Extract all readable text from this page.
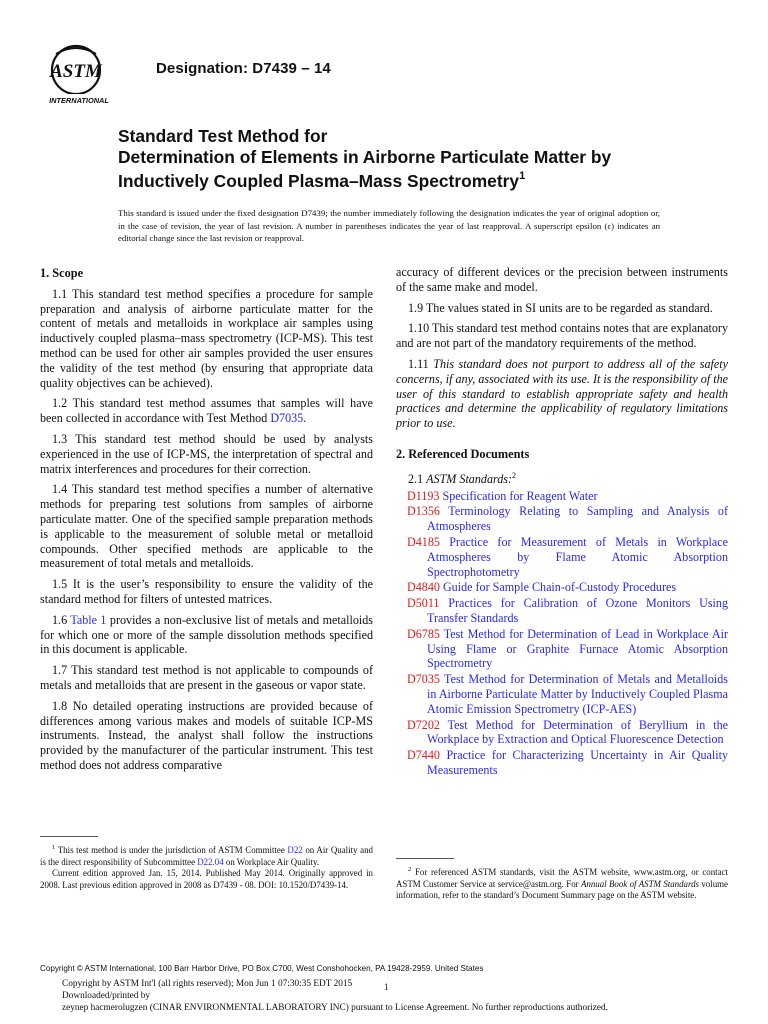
ASTM
INTERNATIONAL
Designation: D7439 – 14
Standard Test Method for
Determination of Elements in Airborne Particulate Matter by
Inductively Coupled Plasma–Mass Spectrometry$^1$
This standard is issued under the fixed designation D7439; the number immediately following the designation indicates the year of original adoption or, in the case of revision, the year of last revision. A number in parentheses indicates the year of last reapproval. A superscript epsilon (ε) indicates an editorial change since the last revision or reapproval.
1. Scope

1.1 This standard test method specifies a procedure for sample preparation and analysis of airborne particulate matter for the content of metals and metalloids in workplace air samples using inductively coupled plasma–mass spectrometry (ICP-MS). This test method can be used for other air samples provided the user ensures the validity of the test method (by ensuring that appropriate data quality objectives can be achieved).

1.2 This standard test method assumes that samples will have been collected in accordance with Test Method D7035.

1.3 This standard test method should be used by analysts experienced in the use of ICP-MS, the interpretation of spectral and matrix interferences and procedures for their correction.

1.4 This standard test method specifies a number of alternative methods for preparing test solutions from samples of airborne particulate matter. One of the specified sample preparation methods is applicable to the measurement of soluble metal or metalloid compounds. Other specified methods are applicable to the measurement of total metals and metalloids.

1.5 It is the user’s responsibility to ensure the validity of the standard method for filters of untested matrices.

1.6 Table 1 provides a non-exclusive list of metals and metalloids for which one or more of the sample dissolution methods specified in this document is applicable.

1.7 This standard test method is not applicable to compounds of metals and metalloids that are present in the gaseous or vapor state.

1.8 No detailed operating instructions are provided because of differences among various makes and models of suitable ICP-MS instruments. Instead, the analyst shall follow the instructions provided by the manufacturer of the particular instrument. This test method does not address comparative

accuracy of different devices or the precision between instruments of the same make and model.

1.9 The values stated in SI units are to be regarded as standard.

1.10 This standard test method contains notes that are explanatory and are not part of the mandatory requirements of the method.

1.11 This standard does not purport to address all of the safety concerns, if any, associated with its use. It is the responsibility of the user of this standard to establish appropriate safety and health practices and determine the applicability of regulatory limitations prior to use.

2. Referenced Documents
2.1 ASTM Standards:$^2$
D1193 Specification for Reagent Water
D1356 Terminology Relating to Sampling and Analysis of Atmospheres
D4185 Practice for Measurement of Metals in Workplace Atmospheres by Flame Atomic Absorption Spectrophotometry
D4840 Guide for Sample Chain-of-Custody Procedures
D5011 Practices for Calibration of Ozone Monitors Using Transfer Standards
D6785 Test Method for Determination of Lead in Workplace Air Using Flame or Graphite Furnace Atomic Absorption Spectrometry
D7035 Test Method for Determination of Metals and Metalloids in Airborne Particulate Matter by Inductively Coupled Plasma Atomic Emission Spectrometry (ICP-AES)
D7202 Test Method for Determination of Beryllium in the Workplace by Extraction and Optical Fluorescence Detection
D7440 Practice for Characterizing Uncertainty in Air Quality Measurements

$^1$ This test method is under the jurisdiction of ASTM Committee D22 on Air Quality and is the direct responsibility of Subcommittee D22.04 on Workplace Air Quality.

Current edition approved Jan. 15, 2014. Published May 2014. Originally approved in 2008. Last previous edition approved in 2008 as D7439 - 08. DOI: 10.1520/D7439-14.

$^2$ For referenced ASTM standards, visit the ASTM website, www.astm.org, or contact ASTM Customer Service at service@astm.org. For Annual Book of ASTM Standards volume information, refer to the standard’s Document Summary page on the ASTM website.

Copyright © ASTM International, 100 Barr Harbor Drive, PO Box C700, West Conshohocken, PA 19428-2959. United States
Copyright by ASTM Int'l (all rights reserved); Mon Jun 1 07:30:35 EDT 2015
Downloaded/printed by
zeynep hacmerolugzen (CINAR ENVIRONMENTAL LABORATORY INC) pursuant to License Agreement. No further reproductions authorized.
1
